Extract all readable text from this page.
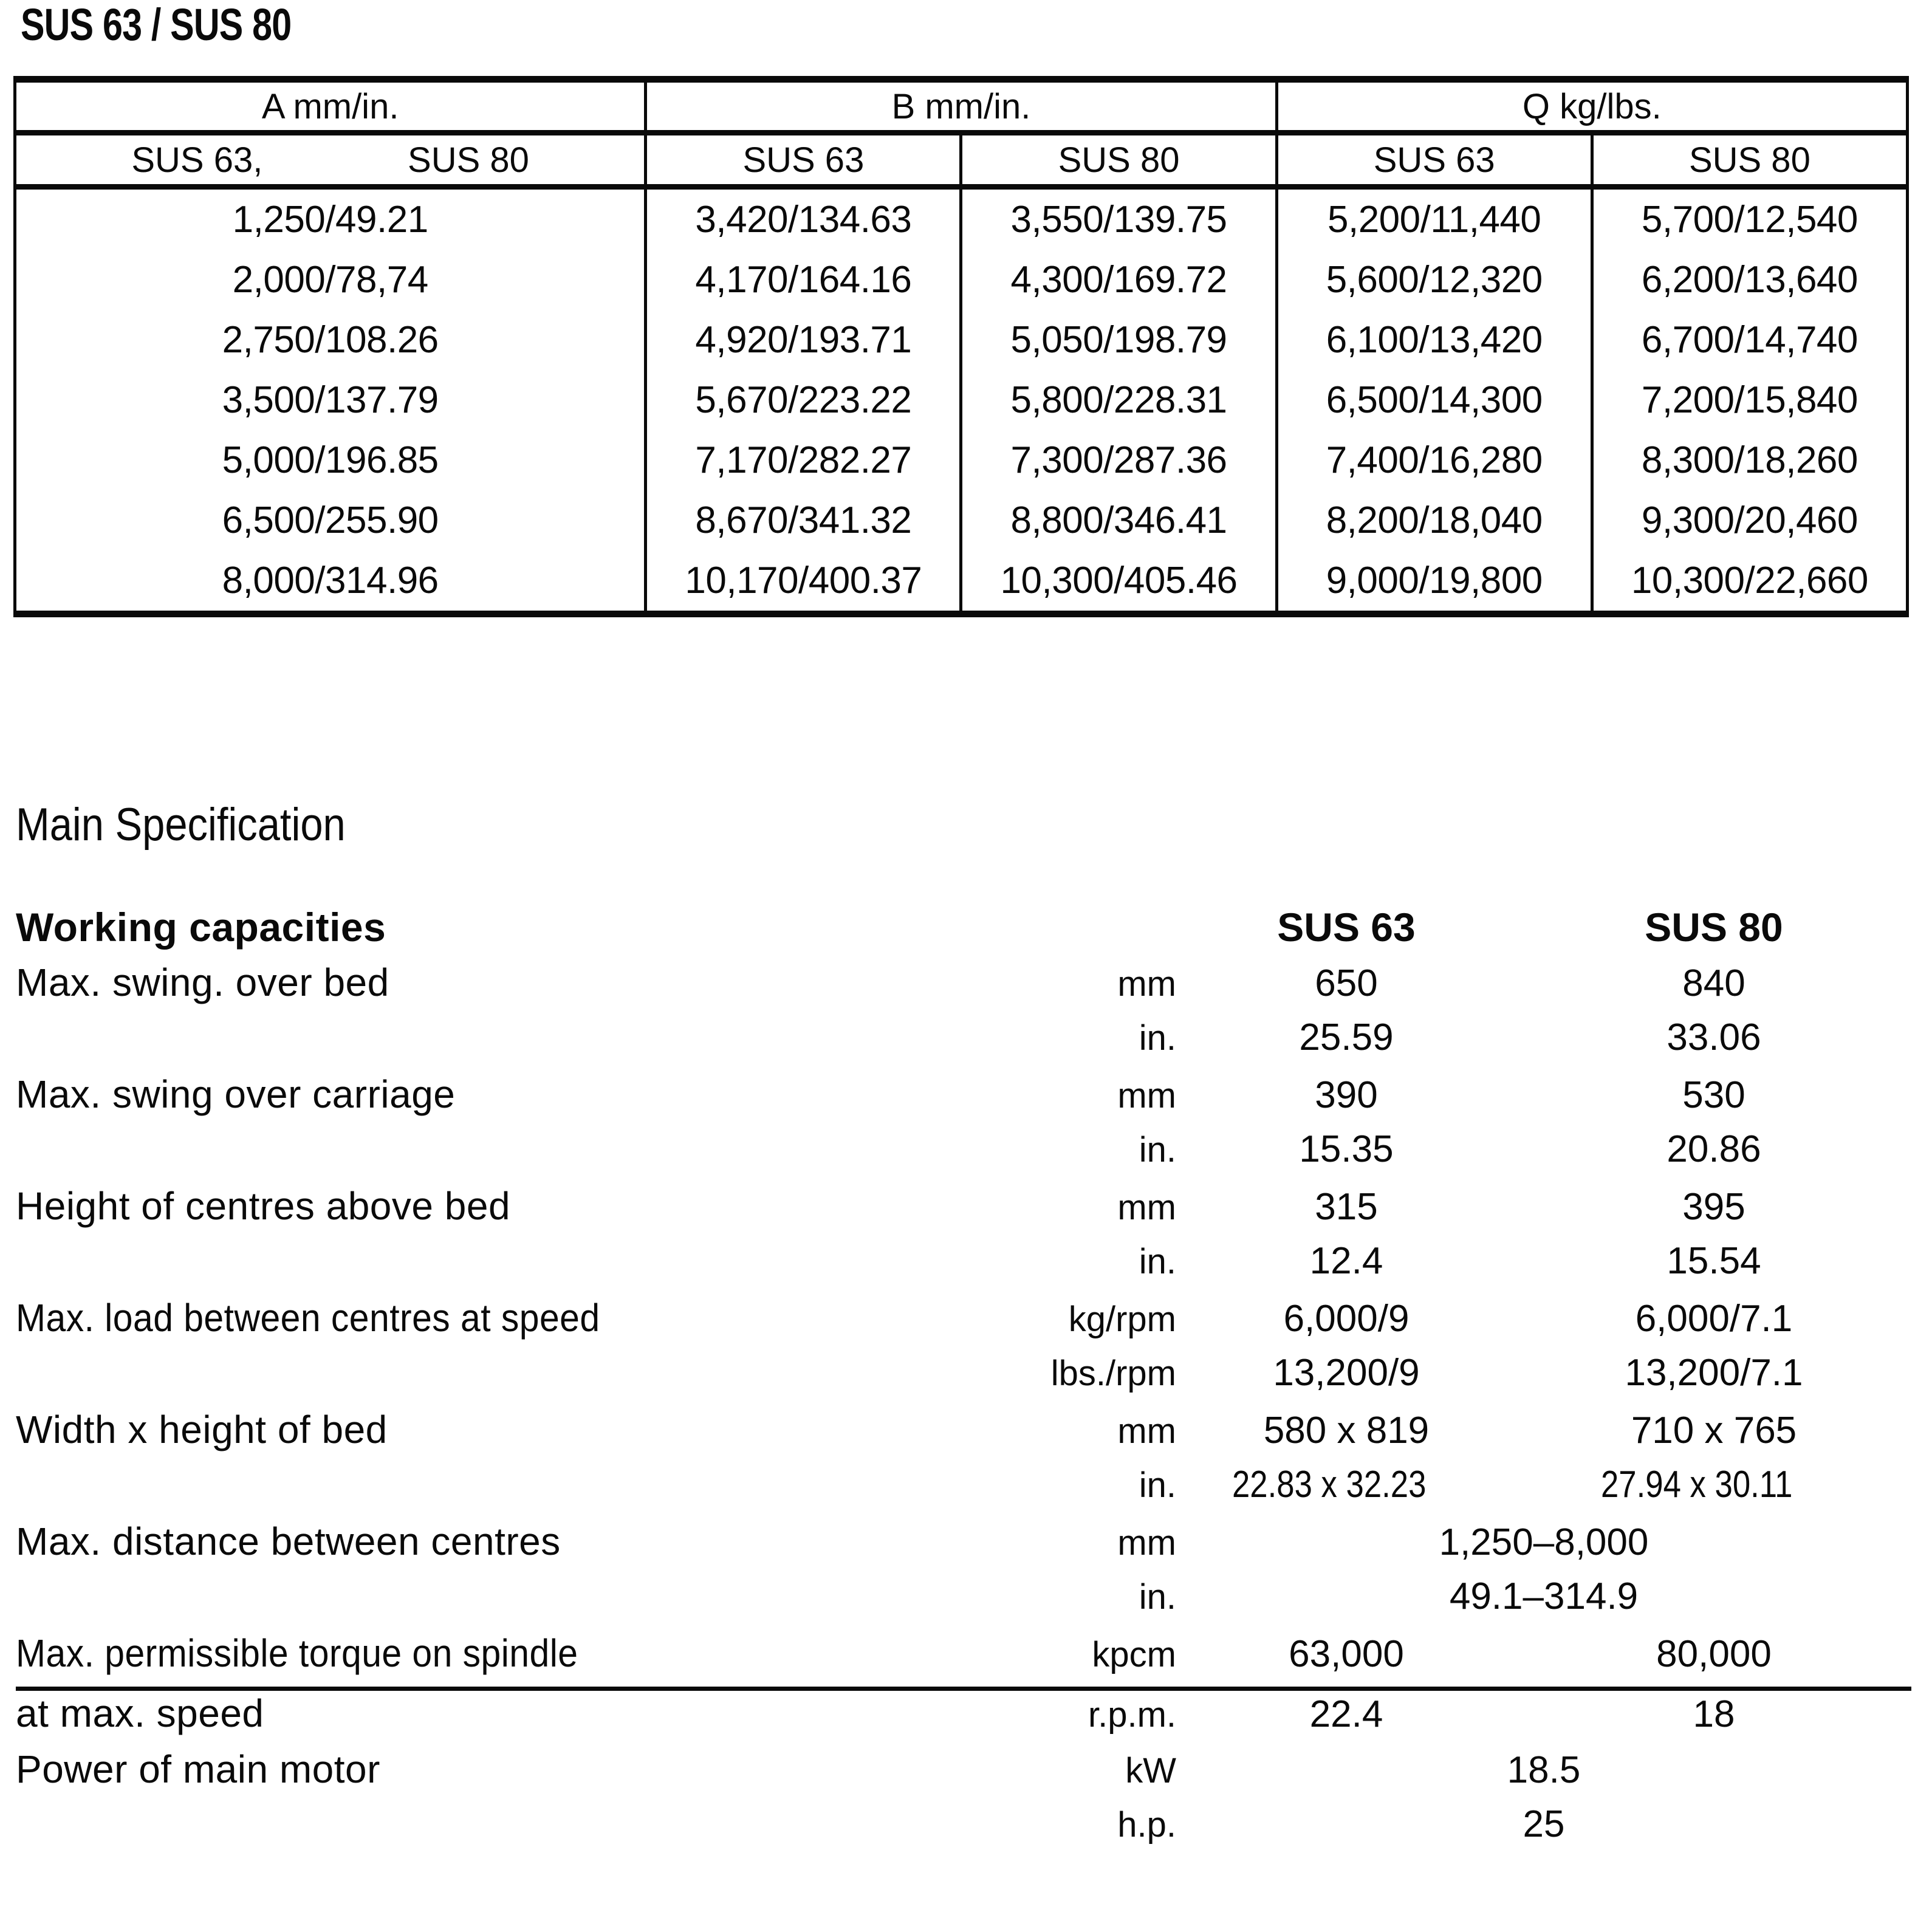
SUS 63 / SUS 80
A mm/in.	B mm/in.		Q kg/lbs.	

SUS 63, SUS 80	SUS 63	SUS 80	SUS 63	SUS 80
1,250/49.21	3,420/134.63	3,550/139.75	5,200/11,440	5,700/12,540
2,000/78,74	4,170/164.16	4,300/169.72	5,600/12,320	6,200/13,640
2,750/108.26	4,920/193.71	5,050/198.79	6,100/13,420	6,700/14,740
3,500/137.79	5,670/223.22	5,800/228.31	6,500/14,300	7,200/15,840
5,000/196.85	7,170/282.27	7,300/287.36	7,400/16,280	8,300/18,260
6,500/255.90	8,670/341.32	8,800/346.41	8,200/18,040	9,300/20,460
8,000/314.96	10,170/400.37	10,300/405.46	9,000/19,800	10,300/22,660
Main Specification
Working capacities		SUS 63	SUS 80
Max. swing. over bed	mm	650	840
	in.	25.59	33.06
Max. swing over carriage	mm	390	530
	in.	15.35	20.86
Height of centres above bed	mm	315	395
	in.	12.4	15.54
Max. load between centres at speed	kg/rpm	6,000/9	6,000/7.1
	lbs./rpm	13,200/9	13,200/7.1
Width x height of bed	mm	580 x 819	710 x 765
	in.	22.83 x 32.23	27.94 x 30.11
Max. distance between centres	mm	1,250–8,000	
	in.	49.1–314.9	
Max. permissible torque on spindle	kpcm	63,000	80,000

at max. speed	r.p.m.	22.4	18
Power of main motor	kW	18.5	
	h.p.	25	
